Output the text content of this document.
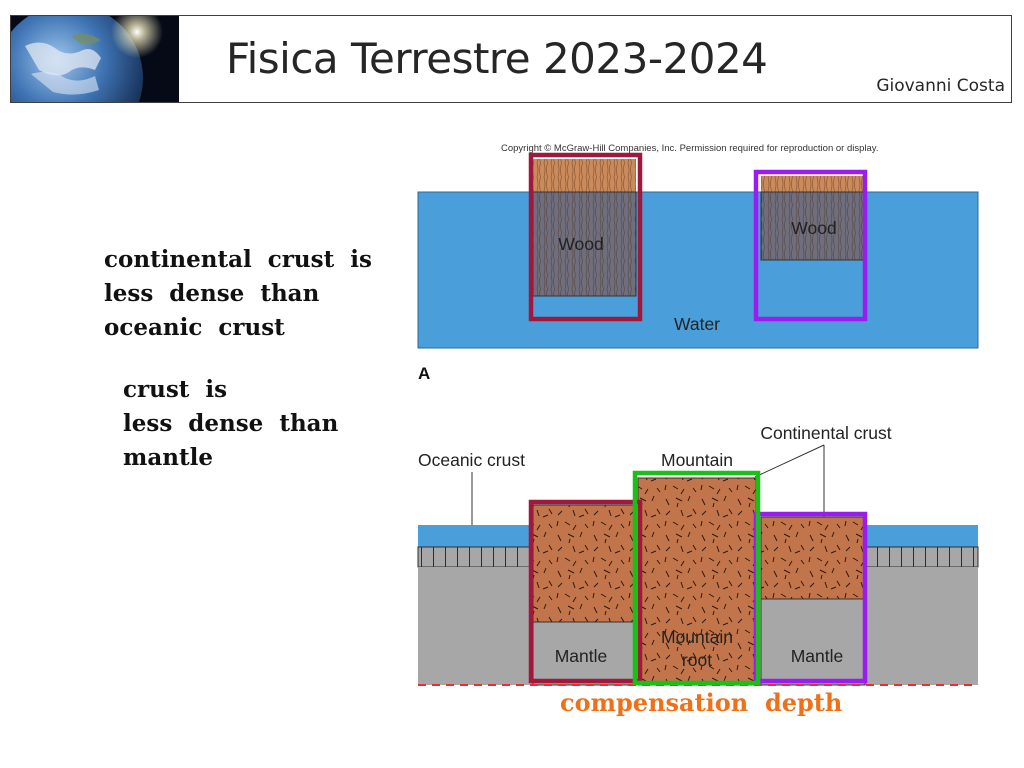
Fisica Terrestre 2023-2024
Giovanni Costa
continental  crust  is
less  dense  than
oceanic  crust
crust  is
less  dense  than
mantle
Copyright © McGraw-Hill Companies, Inc. Permission required for reproduction or display.
Wood
Wood
Water
A
Oceanic crust	Mountain
Continental crust
Mantle
Mountain
root	Mantle
compensation  depth
